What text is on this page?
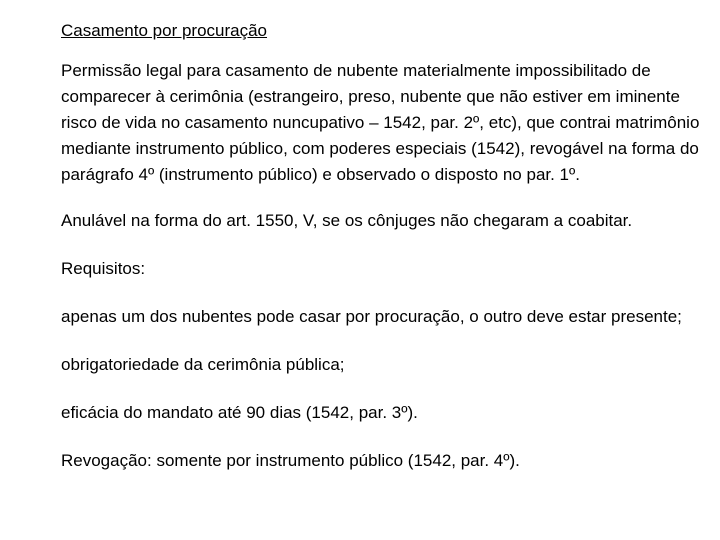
Casamento por procuração

Permissão legal para casamento de nubente materialmente impossibilitado de comparecer à cerimônia (estrangeiro, preso, nubente que não estiver em iminente risco de vida no casamento nuncupativo – 1542, par. 2º, etc), que contrai matrimônio mediante instrumento público, com poderes especiais (1542), revogável na forma do parágrafo 4º (instrumento público) e observado o disposto no par. 1º.

Anulável na forma do art. 1550, V, se os cônjuges não chegaram a coabitar.

Requisitos:

apenas um dos nubentes pode casar por procuração, o outro deve estar presente;

obrigatoriedade da cerimônia pública;

eficácia do mandato até 90 dias (1542, par. 3º).

Revogação: somente por instrumento público (1542, par. 4º).
